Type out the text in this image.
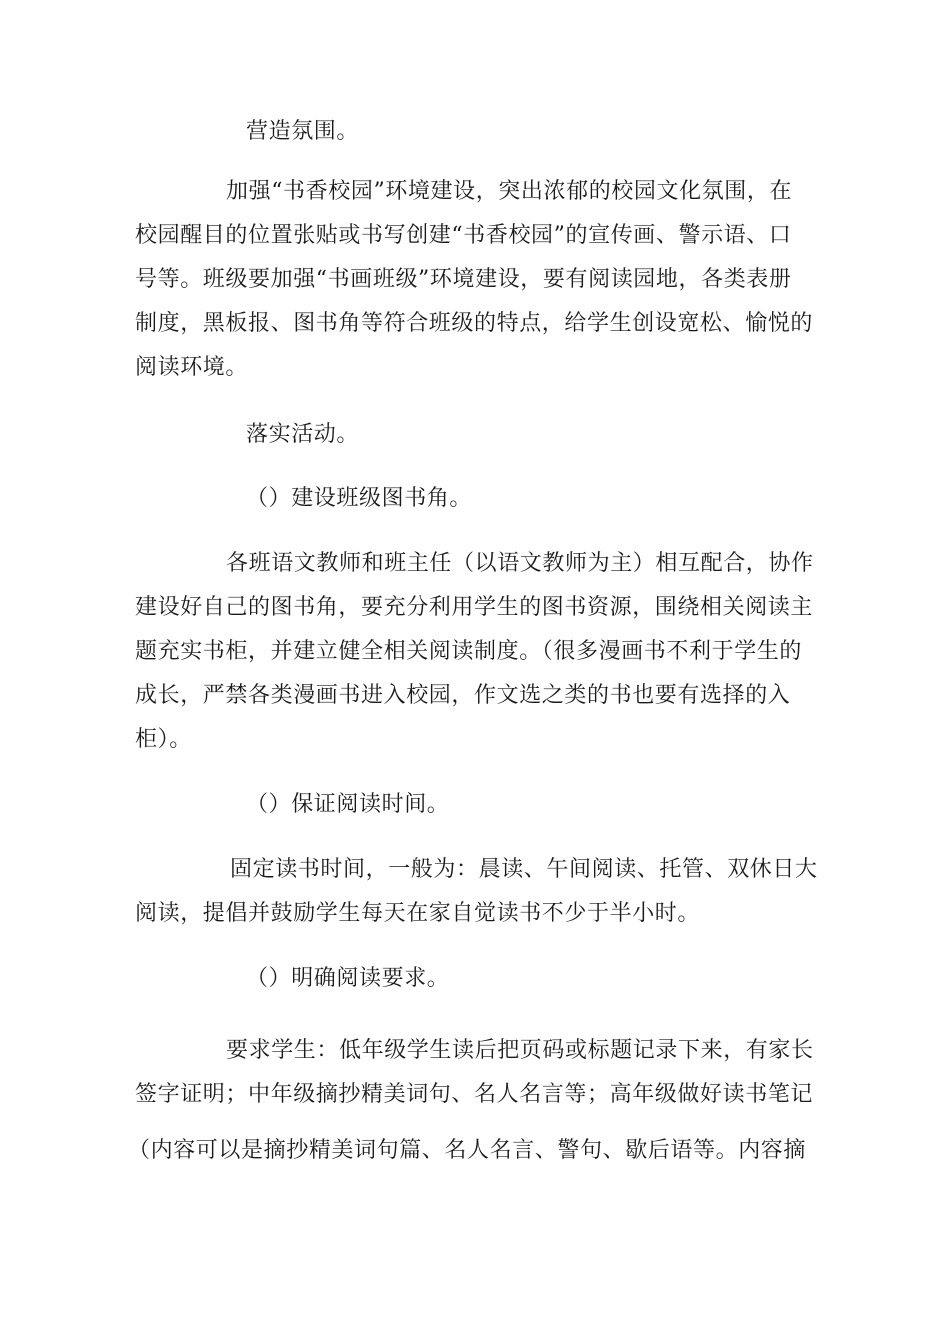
营造氛围。
加强“书香校园”环境建设，突出浓郁的校园文化氛围，在
校园醒目的位置张贴或书写创建“书香校园”的宣传画、警示语、口
号等。班级要加强“书画班级”环境建设，要有阅读园地，各类表册
制度，黑板报、图书角等符合班级的特点，给学生创设宽松、愉悦的
阅读环境。
落实活动。
（）建设班级图书角。
各班语文教师和班主任（以语文教师为主）相互配合，协作
建设好自己的图书角，要充分利用学生的图书资源，围绕相关阅读主
题充实书柜，并建立健全相关阅读制度。（很多漫画书不利于学生的
成长，严禁各类漫画书进入校园，作文选之类的书也要有选择的入
柜）。
（）保证阅读时间。
固定读书时间，一般为：晨读、午间阅读、托管、双休日大
阅读，提倡并鼓励学生每天在家自觉读书不少于半小时。
（）明确阅读要求。
要求学生：低年级学生读后把页码或标题记录下来，有家长
签字证明；中年级摘抄精美词句、名人名言等；高年级做好读书笔记
（内容可以是摘抄精美词句篇、名人名言、警句、歇后语等。内容摘
